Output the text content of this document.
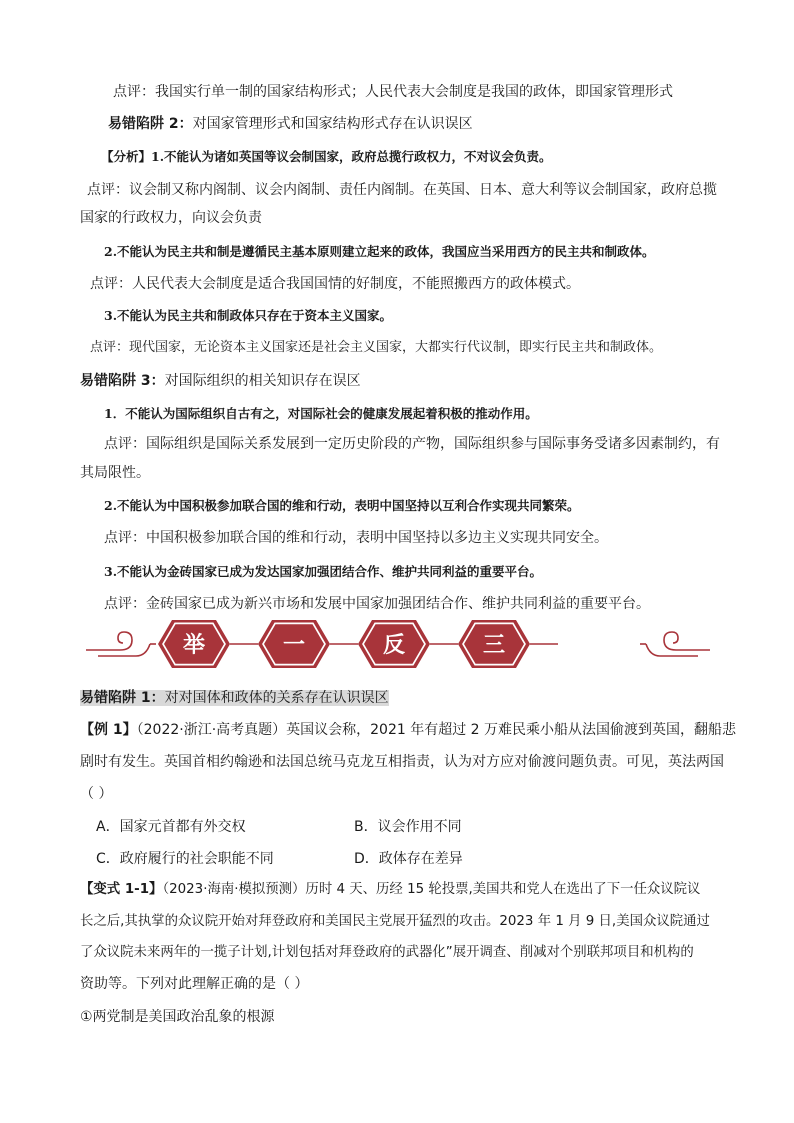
点评：我国实行单一制的国家结构形式；人民代表大会制度是我国的政体，即国家管理形式
易错陷阱 2：对国家管理形式和国家结构形式存在认识误区
【分析】1.不能认为诸如英国等议会制国家，政府总揽行政权力，不对议会负责。
点评：议会制又称内阁制、议会内阁制、责任内阁制。在英国、日本、意大利等议会制国家，政府总揽
国家的行政权力，向议会负责
2.不能认为民主共和制是遵循民主基本原则建立起来的政体，我国应当采用西方的民主共和制政体。
点评：人民代表大会制度是适合我国国情的好制度，不能照搬西方的政体模式。
3.不能认为民主共和制政体只存在于资本主义国家。
点评：现代国家，无论资本主义国家还是社会主义国家，大都实行代议制，即实行民主共和制政体。
易错陷阱 3：对国际组织的相关知识存在误区
1．不能认为国际组织自古有之，对国际社会的健康发展起着积极的推动作用。
点评：国际组织是国际关系发展到一定历史阶段的产物，国际组织参与国际事务受诸多因素制约，有
其局限性。
2.不能认为中国积极参加联合国的维和行动，表明中国坚持以互利合作实现共同繁荣。
点评：中国积极参加联合国的维和行动，表明中国坚持以多边主义实现共同安全。
3.不能认为金砖国家已成为发达国家加强团结合作、维护共同利益的重要平台。
点评：金砖国家已成为新兴市场和发展中国家加强团结合作、维护共同利益的重要平台。
举	一	反	三
易错陷阱 1：对对国体和政体的关系存在认识误区
【例 1】（2022·浙江·高考真题）英国议会称，2021 年有超过 2 万难民乘小船从法国偷渡到英国，翻船悲
剧时有发生。英国首相约翰逊和法国总统马克龙互相指责，认为对方应对偷渡问题负责。可见，英法两国
（ ）
A．国家元首都有外交权	B．议会作用不同
C．政府履行的社会职能不同	D．政体存在差异
【变式 1-1】（2023·海南·模拟预测）历时 4 天、历经 15 轮投票,美国共和党人在选出了下一任众议院议
长之后,其执掌的众议院开始对拜登政府和美国民主党展开猛烈的攻击。2023 年 1 月 9 日,美国众议院通过
了众议院未来两年的一揽子计划,计划包括对拜登政府的武器化”展开调查、削减对个别联邦项目和机构的
资助等。下列对此理解正确的是（ ）
①两党制是美国政治乱象的根源
